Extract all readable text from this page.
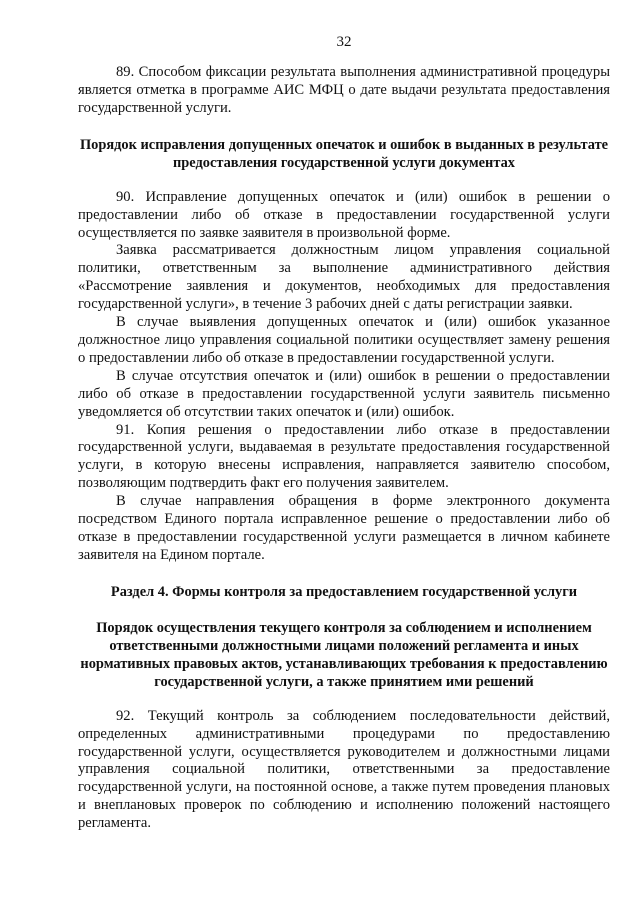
32

89. Способом фиксации результата выполнения административной процедуры является отметка в программе АИС МФЦ о дате выдачи результата предоставления государственной услуги.

Порядок исправления допущенных опечаток и ошибок в выданных в результате предоставления государственной услуги документах

90. Исправление допущенных опечаток и (или) ошибок в решении о предоставлении либо об отказе в предоставлении государственной услуги осуществляется по заявке заявителя в произвольной форме.

Заявка рассматривается должностным лицом управления социальной политики, ответственным за выполнение административного действия «Рассмотрение заявления и документов, необходимых для предоставления государственной услуги», в течение 3 рабочих дней с даты регистрации заявки.

В случае выявления допущенных опечаток и (или) ошибок указанное должностное лицо управления социальной политики осуществляет замену решения о предоставлении либо об отказе в предоставлении государственной услуги.

В случае отсутствия опечаток и (или) ошибок в решении о предоставлении либо об отказе в предоставлении государственной услуги заявитель письменно уведомляется об отсутствии таких опечаток и (или) ошибок.

91. Копия решения о предоставлении либо отказе в предоставлении государственной услуги, выдаваемая в результате предоставления государственной услуги, в которую внесены исправления, направляется заявителю способом, позволяющим подтвердить факт его получения заявителем.

В случае направления обращения в форме электронного документа посредством Единого портала исправленное решение о предоставлении либо об отказе в предоставлении государственной услуги размещается в личном кабинете заявителя на Едином портале.

Раздел 4. Формы контроля за предоставлением государственной услуги
Порядок осуществления текущего контроля за соблюдением и исполнением ответственными должностными лицами положений регламента и иных нормативных правовых актов, устанавливающих требования к предоставлению государственной услуги, а также принятием ими решений

92. Текущий контроль за соблюдением последовательности действий, определенных административными процедурами по предоставлению государственной услуги, осуществляется руководителем и должностными лицами управления социальной политики, ответственными за предоставление государственной услуги, на постоянной основе, а также путем проведения плановых и внеплановых проверок по соблюдению и исполнению положений настоящего регламента.
